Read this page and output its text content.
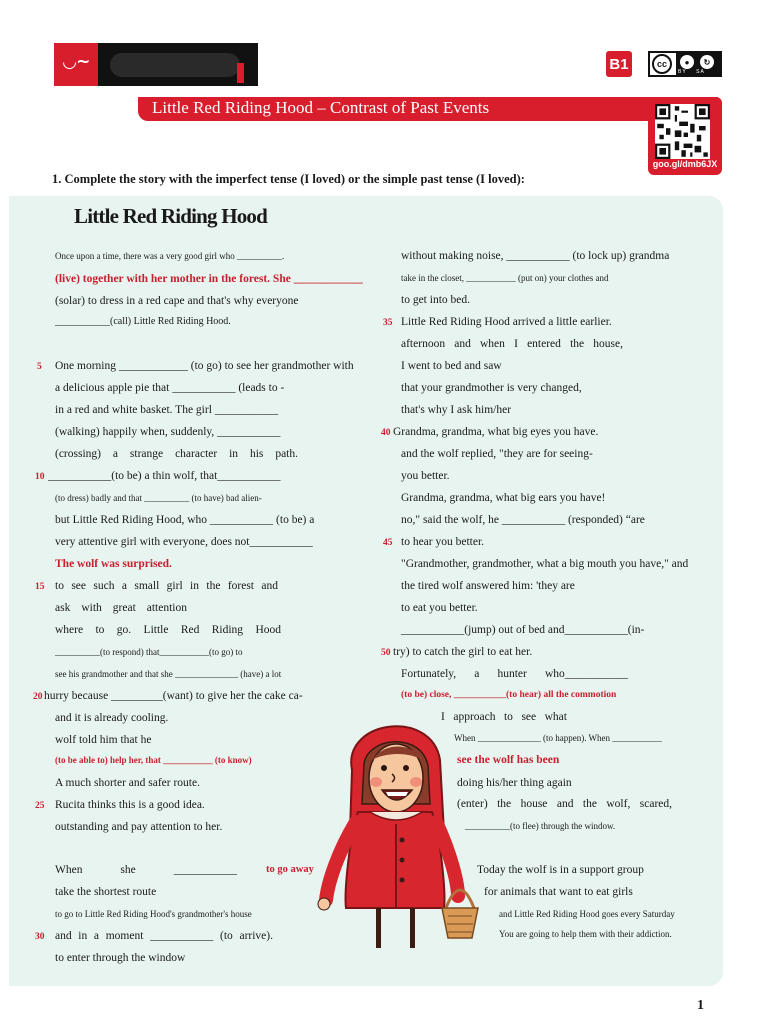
◡~	B1	cc	●	↻
BY SA
Little Red Riding Hood – Contrast of Past Events
goo.gl/dmb6JX
1. Complete the story with the imperfect tense (I loved) or the simple past tense (I loved):
Little Red Riding Hood
Once upon a time, there was a very good girl who __________.
(live) together with her mother in the forest. She ____________
(solar) to dress in a red cape and that's why everyone
___________(call) Little Red Riding Hood.
One morning ____________ (to go) to see her grandmother with
a delicious apple pie that ___________ (leads to -
in a red and white basket. The girl ___________
(walking) happily when, suddenly, ___________
(crossing) a strange character in his path.
___________(to be) a thin wolf, that___________
(to dress) badly and that __________ (to have) bad alien-
but Little Red Riding Hood, who ___________ (to be) a
very attentive girl with everyone, does not___________
The wolf was surprised.
to see such a small girl in the forest and
ask with great attention
where to go. Little Red Riding Hood
__________(to respond) that___________(to go) to
see his grandmother and that she ______________ (have) a lot
hurry because _________(want) to give her the cake ca-
and it is already cooling.
wolf told him that he
(to be able to) help her, that ___________ (to know)
A much shorter and safer route.
Rucita thinks this is a good idea.
outstanding and pay attention to her.
When she ___________	to go away
take the shortest route
to go to Little Red Riding Hood's grandmother's house
and in a moment ___________ (to arrive).
to enter through the window
5
10
15
20
25
30
without making noise, ___________ (to lock up) grandma
take in the closet, ___________ (put on) your clothes and
to get into bed.
Little Red Riding Hood arrived a little earlier.
afternoon and when I entered the house,
I went to bed and saw
that your grandmother is very changed,
that's why I ask him/her
Grandma, grandma, what big eyes you have.
and the wolf replied, "they are for seeing-
you better.
Grandma, grandma, what big ears you have!
no," said the wolf, he ___________ (responded) “are
to hear you better.
"Grandmother, grandmother, what a big mouth you have," and
the tired wolf answered him: 'they are
to eat you better.
___________(jump) out of bed and___________(in-
try) to catch the girl to eat her.
Fortunately, a hunter who___________
(to be) close, ___________(to hear) all the commotion
I approach to see what
When ______________ (to happen). When ___________
see the wolf has been
doing his/her thing again
(enter) the house and the wolf, scared,
__________(to flee) through the window.
Today the wolf is in a support group
for animals that want to eat girls
and Little Red Riding Hood goes every Saturday
You are going to help them with their addiction.
35
40
45
50
1
